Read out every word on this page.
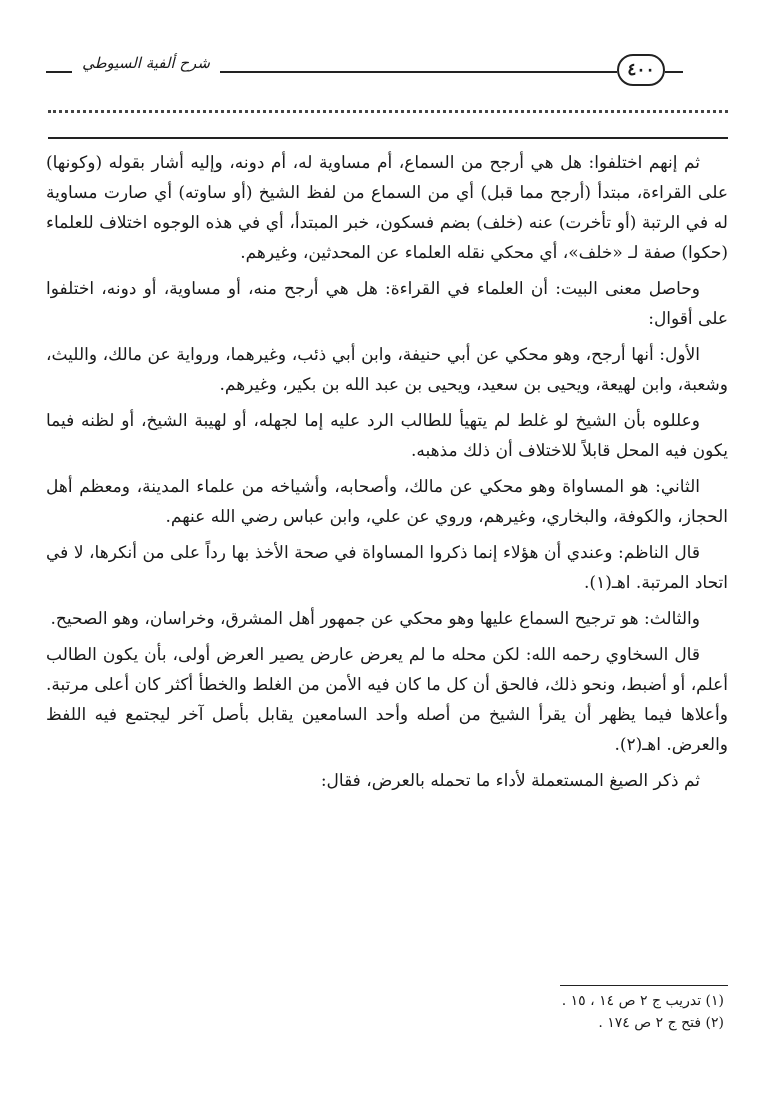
شرح ألفية السيوطي	٤٠٠

ثم إنهم اختلفوا: هل هي أرجح من السماع، أم مساوية له، أم دونه، وإليه أشار بقوله (وكونها) على القراءة، مبتدأ (أرجح مما قبل) أي من السماع من لفظ الشيخ (أو ساوته) أي صارت مساوية له في الرتبة (أو تأخرت) عنه (خلف) بضم فسكون، خبر المبتدأ، أي في هذه الوجوه اختلاف للعلماء (حكوا) صفة لـ «خلف»، أي محكي نقله العلماء عن المحدثين، وغيرهم.

وحاصل معنى البيت: أن العلماء في القراءة: هل هي أرجح منه، أو مساوية، أو دونه، اختلفوا على أقوال:

الأول: أنها أرجح، وهو محكي عن أبي حنيفة، وابن أبي ذئب، وغيرهما، ورواية عن مالك، والليث، وشعبة، وابن لهيعة، ويحيى بن سعيد، ويحيى بن عبد الله بن بكير، وغيرهم.

وعللوه بأن الشيخ لو غلط لم يتهيأ للطالب الرد عليه إما لجهله، أو لهيبة الشيخ، أو لظنه فيما يكون فيه المحل قابلاً للاختلاف أن ذلك مذهبه.

الثاني: هو المساواة وهو محكي عن مالك، وأصحابه، وأشياخه من علماء المدينة، ومعظم أهل الحجاز، والكوفة، والبخاري، وغيرهم، وروي عن علي، وابن عباس رضي الله عنهم.

قال الناظم: وعندي أن هؤلاء إنما ذكروا المساواة في صحة الأخذ بها رداً على من أنكرها، لا في اتحاد المرتبة. اهـ(١).

والثالث: هو ترجيح السماع عليها وهو محكي عن جمهور أهل المشرق، وخراسان، وهو الصحيح.

قال السخاوي رحمه الله: لكن محله ما لم يعرض عارض يصير العرض أولى، بأن يكون الطالب أعلم، أو أضبط، ونحو ذلك، فالحق أن كل ما كان فيه الأمن من الغلط والخطأ أكثر كان أعلى مرتبة. وأعلاها فيما يظهر أن يقرأ الشيخ من أصله وأحد السامعين يقابل بأصل آخر ليجتمع فيه اللفظ والعرض. اهـ(٢).

ثم ذكر الصيغ المستعملة لأداء ما تحمله بالعرض، فقال:

(١) تدريب ج ٢ ص ١٤ ، ١٥ .
(٢) فتح ج ٢ ص ١٧٤ .
